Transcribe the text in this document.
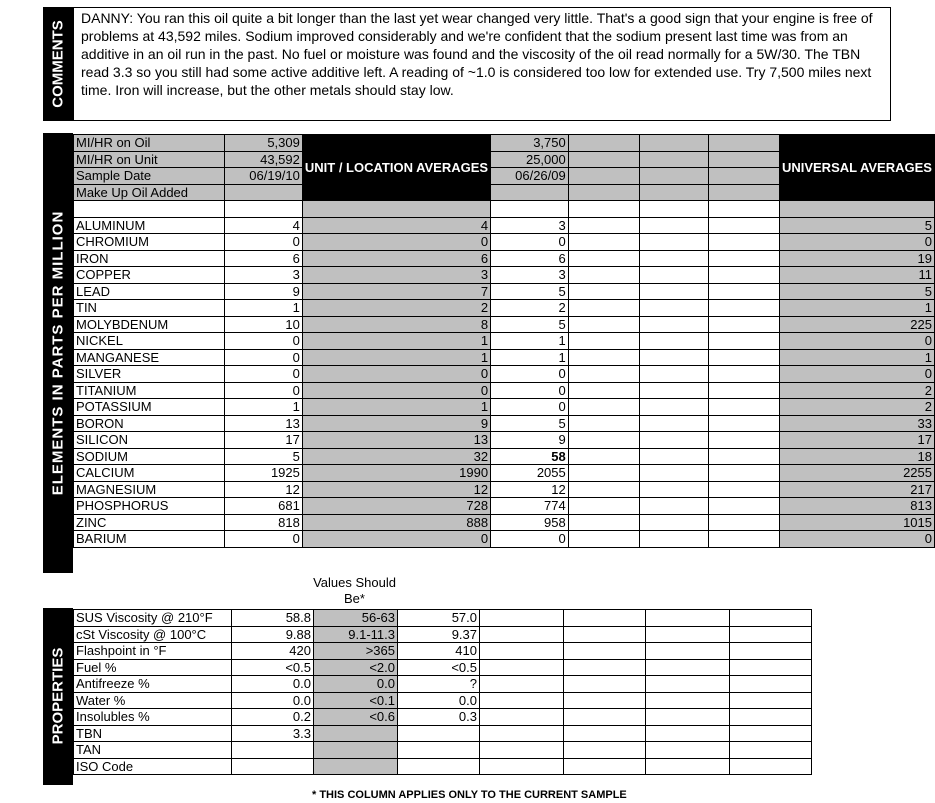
COMMENTS

DANNY: You ran this oil quite a bit longer than the last yet wear changed very little. That's a good sign that your engine is free of problems at 43,592 miles. Sodium improved considerably and we're confident that the sodium present last time was from an additive in an oil run in the past. No fuel or moisture was found and the viscosity of the oil read normally for a 5W/30. The TBN read 3.3 so you still had some active additive left. A reading of ~1.0 is considered too low for extended use. Try 7,500 miles next time. Iron will increase, but the other metals should stay low.

ELEMENTS IN PARTS PER MILLION
MI/HR on Oil	5,309	UNIT / LOCATION AVERAGES	3,750				UNIVERSAL AVERAGES
MI/HR on Unit	43,592		25,000				
Sample Date	06/19/10		06/26/09				
Make Up Oil Added							

ALUMINUM	4	4	3				5
CHROMIUM	0	0	0				0
IRON	6	6	6				19
COPPER	3	3	3				11
LEAD	9	7	5				5
TIN	1	2	2				1
MOLYBDENUM	10	8	5				225
NICKEL	0	1	1				0
MANGANESE	0	1	1				1
SILVER	0	0	0				0
TITANIUM	0	0	0				2
POTASSIUM	1	1	0				2
BORON	13	9	5				33
SILICON	17	13	9				17
SODIUM	5	32	58				18
CALCIUM	1925	1990	2055				2255
MAGNESIUM	12	12	12				217
PHOSPHORUS	681	728	774				813
ZINC	818	888	958				1015
BARIUM	0	0	0				0
Values Should Be*
PROPERTIES
SUS Viscosity @ 210°F	58.8	56-63	57.0				
cSt Viscosity @ 100°C	9.88	9.1-11.3	9.37				
Flashpoint in °F	420	>365	410				
Fuel %	<0.5	<2.0	<0.5				
Antifreeze %	0.0	0.0	?				
Water %	0.0	<0.1	0.0				
Insolubles %	0.2	<0.6	0.3				
TBN	3.3						
TAN							
ISO Code							
* THIS COLUMN APPLIES ONLY TO THE CURRENT SAMPLE
